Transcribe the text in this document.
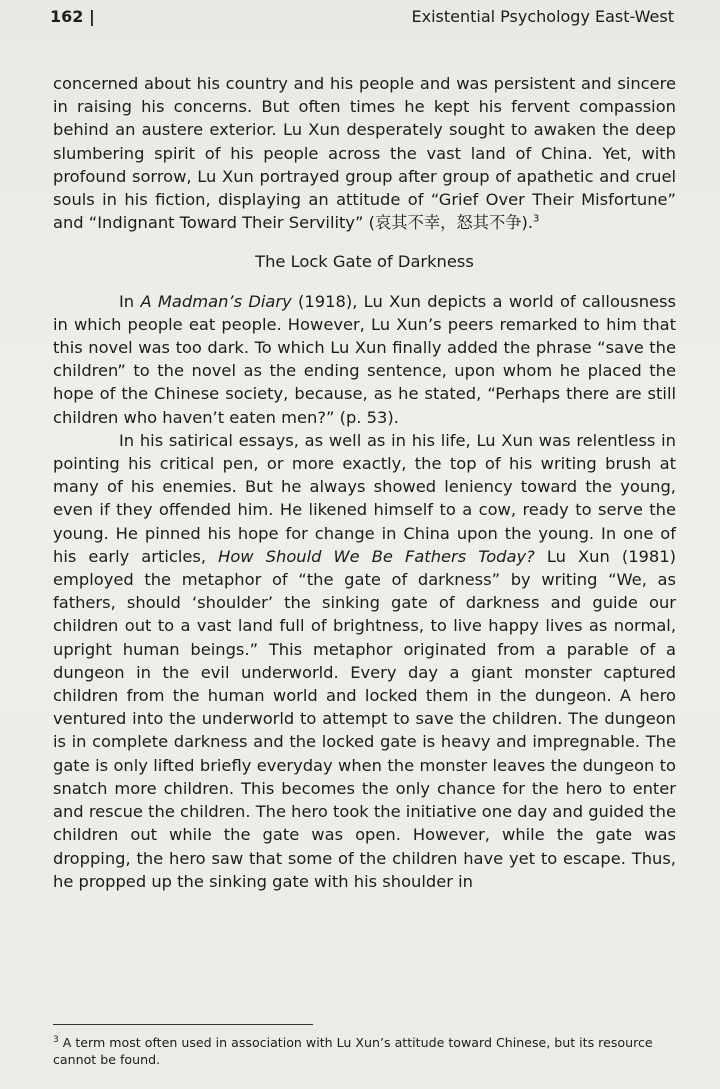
162 |	Existential Psychology East-West

concerned about his country and his people and was persistent and sincere in raising his concerns. But often times he kept his fervent compassion behind an austere exterior. Lu Xun desperately sought to awaken the deep slumbering spirit of his people across the vast land of China. Yet, with profound sorrow, Lu Xun portrayed group after group of apathetic and cruel souls in his fiction, displaying an attitude of “Grief Over Their Misfortune” and “Indignant Toward Their Servility” (哀其不幸，怒其不争).$^3$

The Lock Gate of Darkness

In A Madman’s Diary (1918), Lu Xun depicts a world of callousness in which people eat people. However, Lu Xun’s peers remarked to him that this novel was too dark. To which Lu Xun finally added the phrase “save the children” to the novel as the ending sentence, upon whom he placed the hope of the Chinese society, because, as he stated, “Perhaps there are still children who haven’t eaten men?” (p. 53).

In his satirical essays, as well as in his life, Lu Xun was relentless in pointing his critical pen, or more exactly, the top of his writing brush at many of his enemies. But he always showed leniency toward the young, even if they offended him. He likened himself to a cow, ready to serve the young. He pinned his hope for change in China upon the young. In one of his early articles, How Should We Be Fathers Today? Lu Xun (1981) employed the metaphor of “the gate of darkness” by writing “We, as fathers, should ‘shoulder’ the sinking gate of darkness and guide our children out to a vast land full of brightness, to live happy lives as normal, upright human beings.” This metaphor originated from a parable of a dungeon in the evil underworld. Every day a giant monster captured children from the human world and locked them in the dungeon. A hero ventured into the underworld to attempt to save the children. The dungeon is in complete darkness and the locked gate is heavy and impregnable. The gate is only lifted briefly everyday when the monster leaves the dungeon to snatch more children. This becomes the only chance for the hero to enter and rescue the children. The hero took the initiative one day and guided the children out while the gate was open. However, while the gate was dropping, the hero saw that some of the children have yet to escape. Thus, he propped up the sinking gate with his shoulder in

$^3$ A term most often used in association with Lu Xun’s attitude toward Chinese, but its resource cannot be found.
